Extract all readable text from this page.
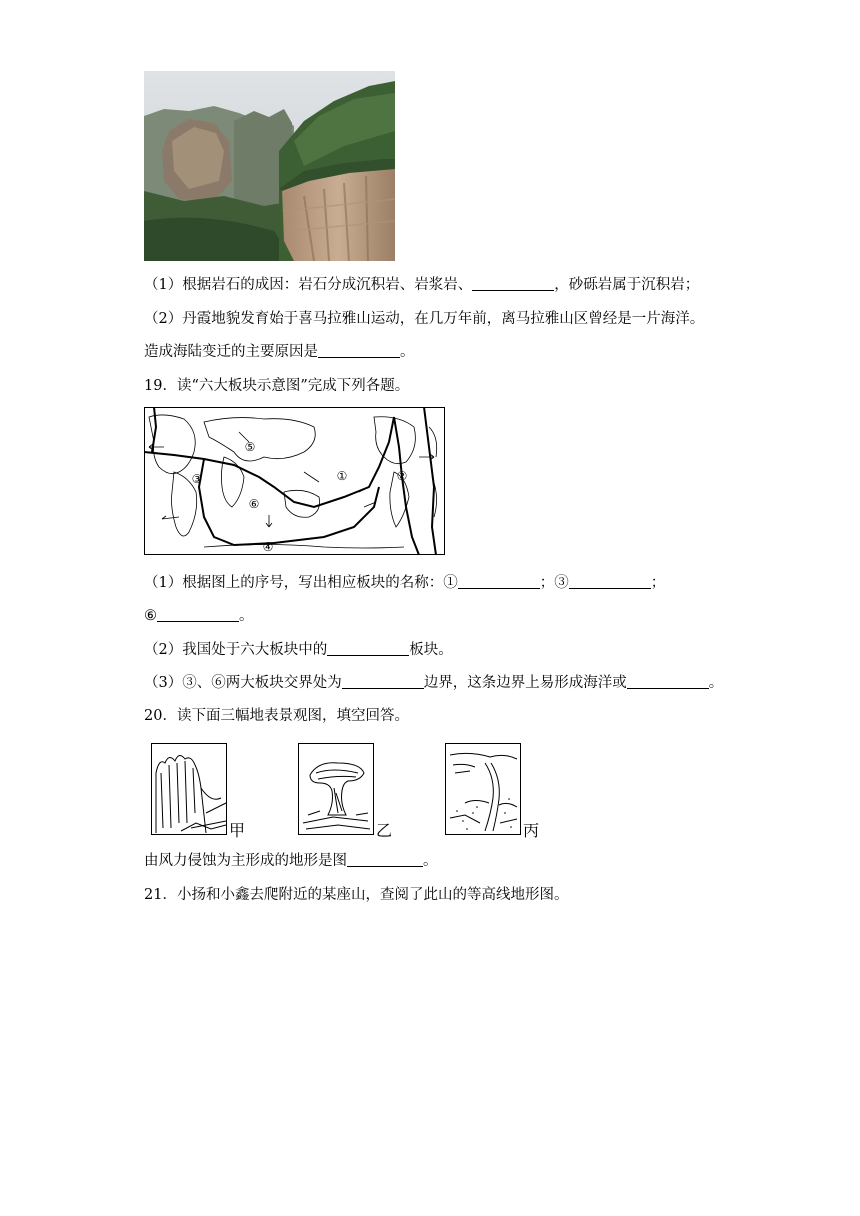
（1）根据岩石的成因：岩石分成沉积岩、岩浆岩、	，砂砾岩属于沉积岩；
（2）丹霞地貌发育始于喜马拉雅山运动，在几万年前，离马拉雅山区曾经是一片海洋。
造成海陆变迁的主要原因是	。
19．读“六大板块示意图”完成下列各题。
①	②
③
④
⑤
⑥
（1）根据图上的序号，写出相应板块的名称：①	；③	；
⑥	。
（2）我国处于六大板块中的	板块。
（3）③、⑥两大板块交界处为	边界，这条边界上易形成海洋或	。
20．读下面三幅地表景观图，填空回答。
甲	乙	丙
由风力侵蚀为主形成的地形是图	。
21．小扬和小鑫去爬附近的某座山，查阅了此山的等高线地形图。
